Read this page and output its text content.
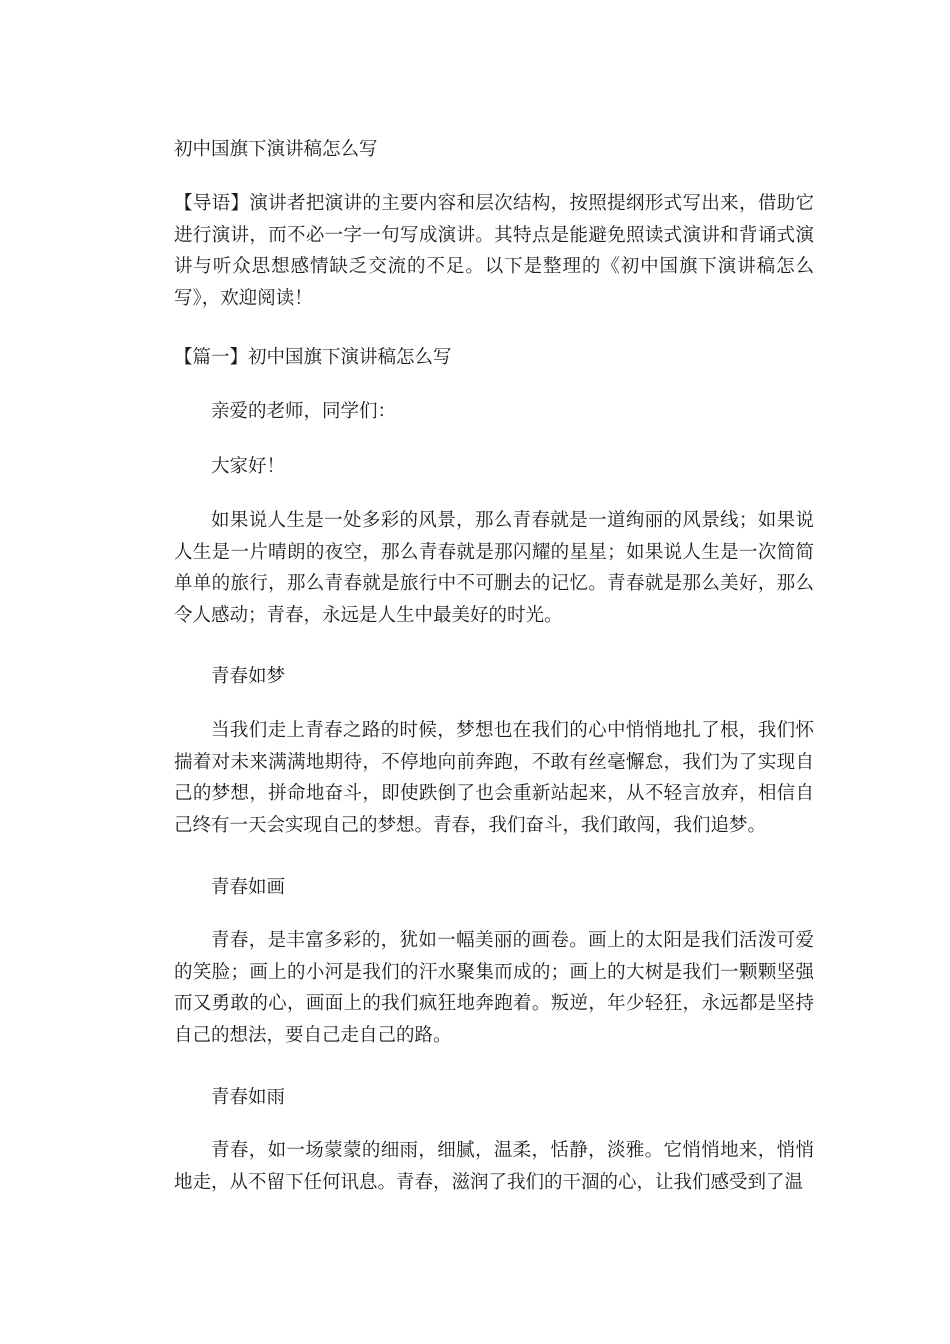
初中国旗下演讲稿怎么写
【导语】演讲者把演讲的主要内容和层次结构，按照提纲形式写出来，借助它进行演讲，而不必一字一句写成演讲。其特点是能避免照读式演讲和背诵式演讲与听众思想感情缺乏交流的不足。以下是整理的《初中国旗下演讲稿怎么写》，欢迎阅读！
【篇一】初中国旗下演讲稿怎么写
亲爱的老师，同学们：
大家好！
如果说人生是一处多彩的风景，那么青春就是一道绚丽的风景线；如果说人生是一片晴朗的夜空，那么青春就是那闪耀的星星；如果说人生是一次简简单单的旅行，那么青春就是旅行中不可删去的记忆。青春就是那么美好，那么令人感动；青春，永远是人生中最美好的时光。
青春如梦
当我们走上青春之路的时候，梦想也在我们的心中悄悄地扎了根，我们怀揣着对未来满满地期待，不停地向前奔跑，不敢有丝毫懈怠，我们为了实现自己的梦想，拼命地奋斗，即使跌倒了也会重新站起来，从不轻言放弃，相信自己终有一天会实现自己的梦想。青春，我们奋斗，我们敢闯，我们追梦。
青春如画
青春，是丰富多彩的，犹如一幅美丽的画卷。画上的太阳是我们活泼可爱的笑脸；画上的小河是我们的汗水聚集而成的；画上的大树是我们一颗颗坚强而又勇敢的心，画面上的我们疯狂地奔跑着。叛逆，年少轻狂，永远都是坚持自己的想法，要自己走自己的路。
青春如雨
青春，如一场蒙蒙的细雨，细腻，温柔，恬静，淡雅。它悄悄地来，悄悄地走，从不留下任何讯息。青春，滋润了我们的干涸的心，让我们感受到了温
